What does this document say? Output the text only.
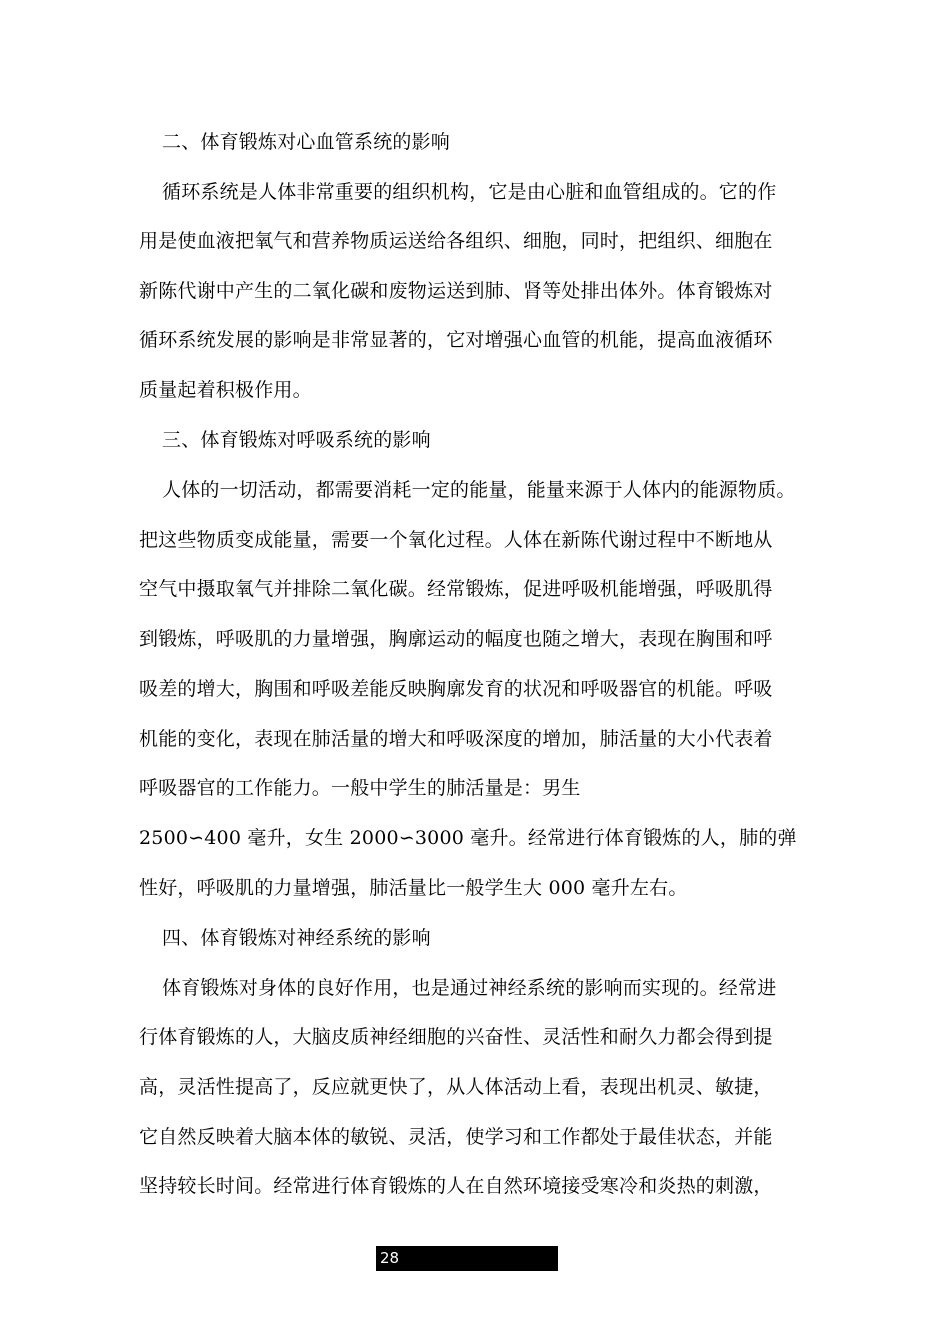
二、体育锻炼对心血管系统的影响
循环系统是人体非常重要的组织机构，它是由心脏和血管组成的。它的作
用是使血液把氧气和营养物质运送给各组织、细胞，同时，把组织、细胞在
新陈代谢中产生的二氧化碳和废物运送到肺、肾等处排出体外。体育锻炼对
循环系统发展的影响是非常显著的，它对增强心血管的机能，提高血液循环
质量起着积极作用。
三、体育锻炼对呼吸系统的影响
人体的一切活动，都需要消耗一定的能量，能量来源于人体内的能源物质。
把这些物质变成能量，需要一个氧化过程。人体在新陈代谢过程中不断地从
空气中摄取氧气并排除二氧化碳。经常锻炼，促进呼吸机能增强，呼吸肌得
到锻炼，呼吸肌的力量增强，胸廓运动的幅度也随之增大，表现在胸围和呼
吸差的增大，胸围和呼吸差能反映胸廓发育的状况和呼吸器官的机能。呼吸
机能的变化，表现在肺活量的增大和呼吸深度的增加，肺活量的大小代表着
呼吸器官的工作能力。一般中学生的肺活量是：男生
2500∽400 毫升，女生 2000∽3000 毫升。经常进行体育锻炼的人，肺的弹
性好，呼吸肌的力量增强，肺活量比一般学生大 000 毫升左右。
四、体育锻炼对神经系统的影响
体育锻炼对身体的良好作用，也是通过神经系统的影响而实现的。经常进
行体育锻炼的人，大脑皮质神经细胞的兴奋性、灵活性和耐久力都会得到提
高，灵活性提高了，反应就更快了，从人体活动上看，表现出机灵、敏捷，
它自然反映着大脑本体的敏锐、灵活，使学习和工作都处于最佳状态，并能
坚持较长时间。经常进行体育锻炼的人在自然环境接受寒冷和炎热的刺激，
28
